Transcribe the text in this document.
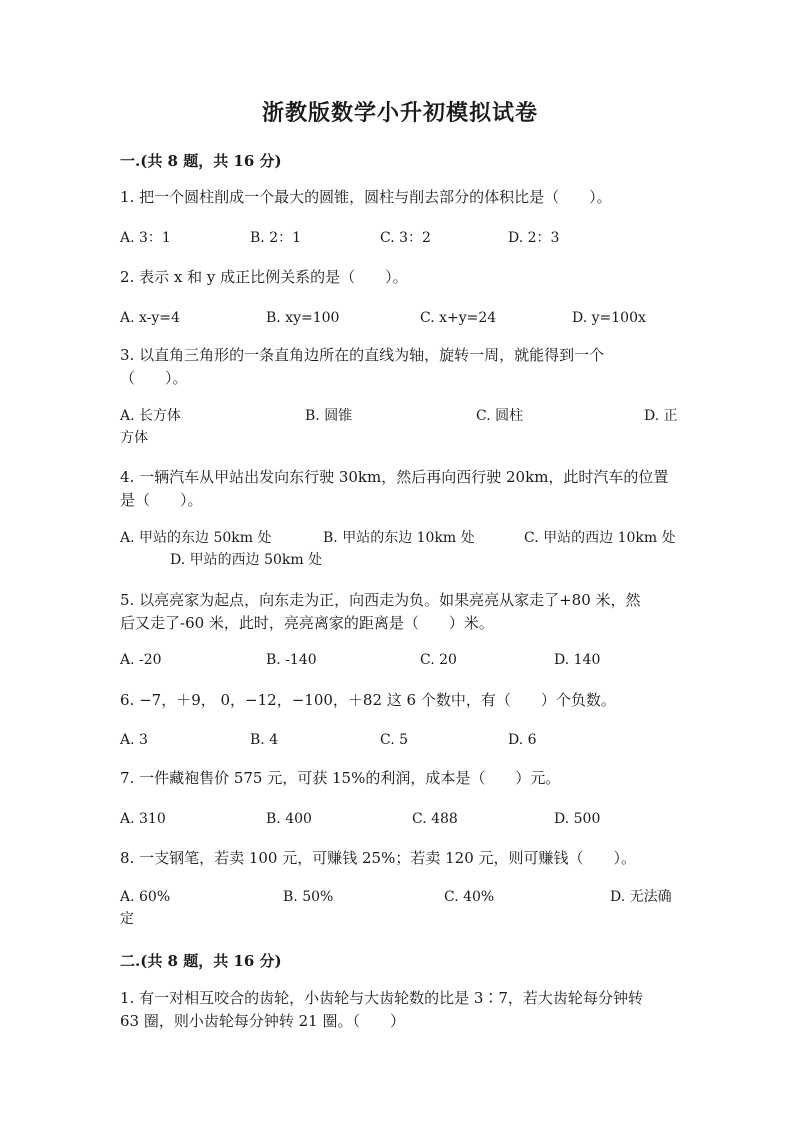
浙教版数学小升初模拟试卷
一.(共 8 题，共 16 分)
1. 把一个圆柱削成一个最大的圆锥，圆柱与削去部分的体积比是（　　）。
A. 3：1	B. 2：1	C. 3：2	D. 2：3
2. 表示 x 和 y 成正比例关系的是（　　）。
A. x-y=4	B. xy=100	C. x+y=24	D. y=100x
3. 以直角三角形的一条直角边所在的直线为轴，旋转一周，就能得到一个
（　　）。
A. 长方体	B. 圆锥	C. 圆柱	D. 正
方体
4. 一辆汽车从甲站出发向东行驶 30km，然后再向西行驶 20km，此时汽车的位置
是（　　）。
A. 甲站的东边 50km 处	B. 甲站的东边 10km 处	C. 甲站的西边 10km 处
D. 甲站的西边 50km 处
5. 以亮亮家为起点，向东走为正，向西走为负。如果亮亮从家走了+80 米，然
后又走了-60 米，此时，亮亮离家的距离是（　　）米。
A. -20	B. -140	C. 20	D. 140
6. −7，＋9， 0，−12，−100，＋82 这 6 个数中，有（　　）个负数。
A. 3	B. 4	C. 5	D. 6
7. 一件藏袍售价 575 元，可获 15%的利润，成本是（　　）元。
A. 310	B. 400	C. 488	D. 500
8. 一支钢笔，若卖 100 元，可赚钱 25%；若卖 120 元，则可赚钱（　　）。
A. 60%	B. 50%	C. 40%	D. 无法确
定
二.(共 8 题，共 16 分)
1. 有一对相互咬合的齿轮，小齿轮与大齿轮数的比是 3∶7，若大齿轮每分钟转
63 圈，则小齿轮每分钟转 21 圈。（　　）
